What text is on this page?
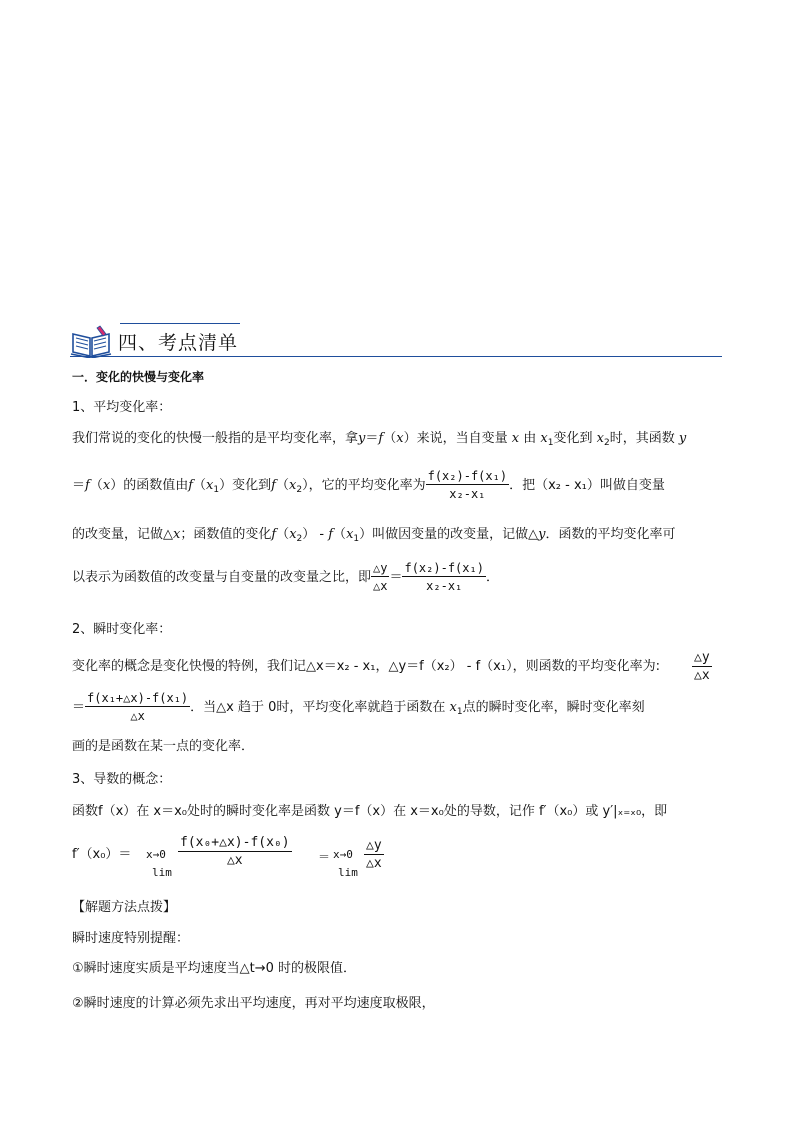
四、考点清单
一．变化的快慢与变化率
1、平均变化率：
我们常说的变化的快慢一般指的是平均变化率，拿y＝f（x）来说，当自变量 x 由 $x_1$变化到 $x_2$时，其函数 y
＝f（x）的函数值由$f(x_1)$变化到$f(x_2)$，它的平均变化率为 $\frac{\text{f(x₂)-f(x₁)}}{\text{x₂-x₁}}$ ．把（x₂ - x₁）叫做自变量
的改变量，记做△x；函数值的变化$f(x_2) - f(x_1)$叫做因变量的改变量，记做△y．函数的平均变化率可
以表示为函数值的改变量与自变量的改变量之比，即 $\frac{\triangle y}{\triangle x} = \frac{\text{f(x₂)-f(x₁)}}{\text{x₂-x₁}}$ ．
2、瞬时变化率：
变化率的概念是变化快慢的特例，我们记△x＝x₂ - x₁，△y＝f（x₂） - f（x₁），则函数的平均变化率为: $\frac{\triangle y}{\triangle x}$
＝ $\frac{\text{f(x₁+△x)-f(x₁)}}{\triangle x}$ ．当△x 趋于 0时，平均变化率就趋于函数在 $x_1$点的瞬时变化率，瞬时变化率刻
画的是函数在某一点的变化率．
3、导数的概念：
函数f（x）在 x＝x₀处时的瞬时变化率是函数 y＝f（x）在 x＝x₀处的导数，记作 f′（x₀）或 y′|ₓ₌ₓ₀，即
f′（x₀）＝ x→0
lim
$\frac{\text{f(x₀+△x)-f(x₀)}}{\triangle x} = x\to 0$
$\lim \frac{\triangle y}{\triangle x}$
【解题方法点拨】
瞬时速度特别提醒：
①瞬时速度实质是平均速度当△t→0 时的极限值．
②瞬时速度的计算必须先求出平均速度，再对平均速度取极限，
